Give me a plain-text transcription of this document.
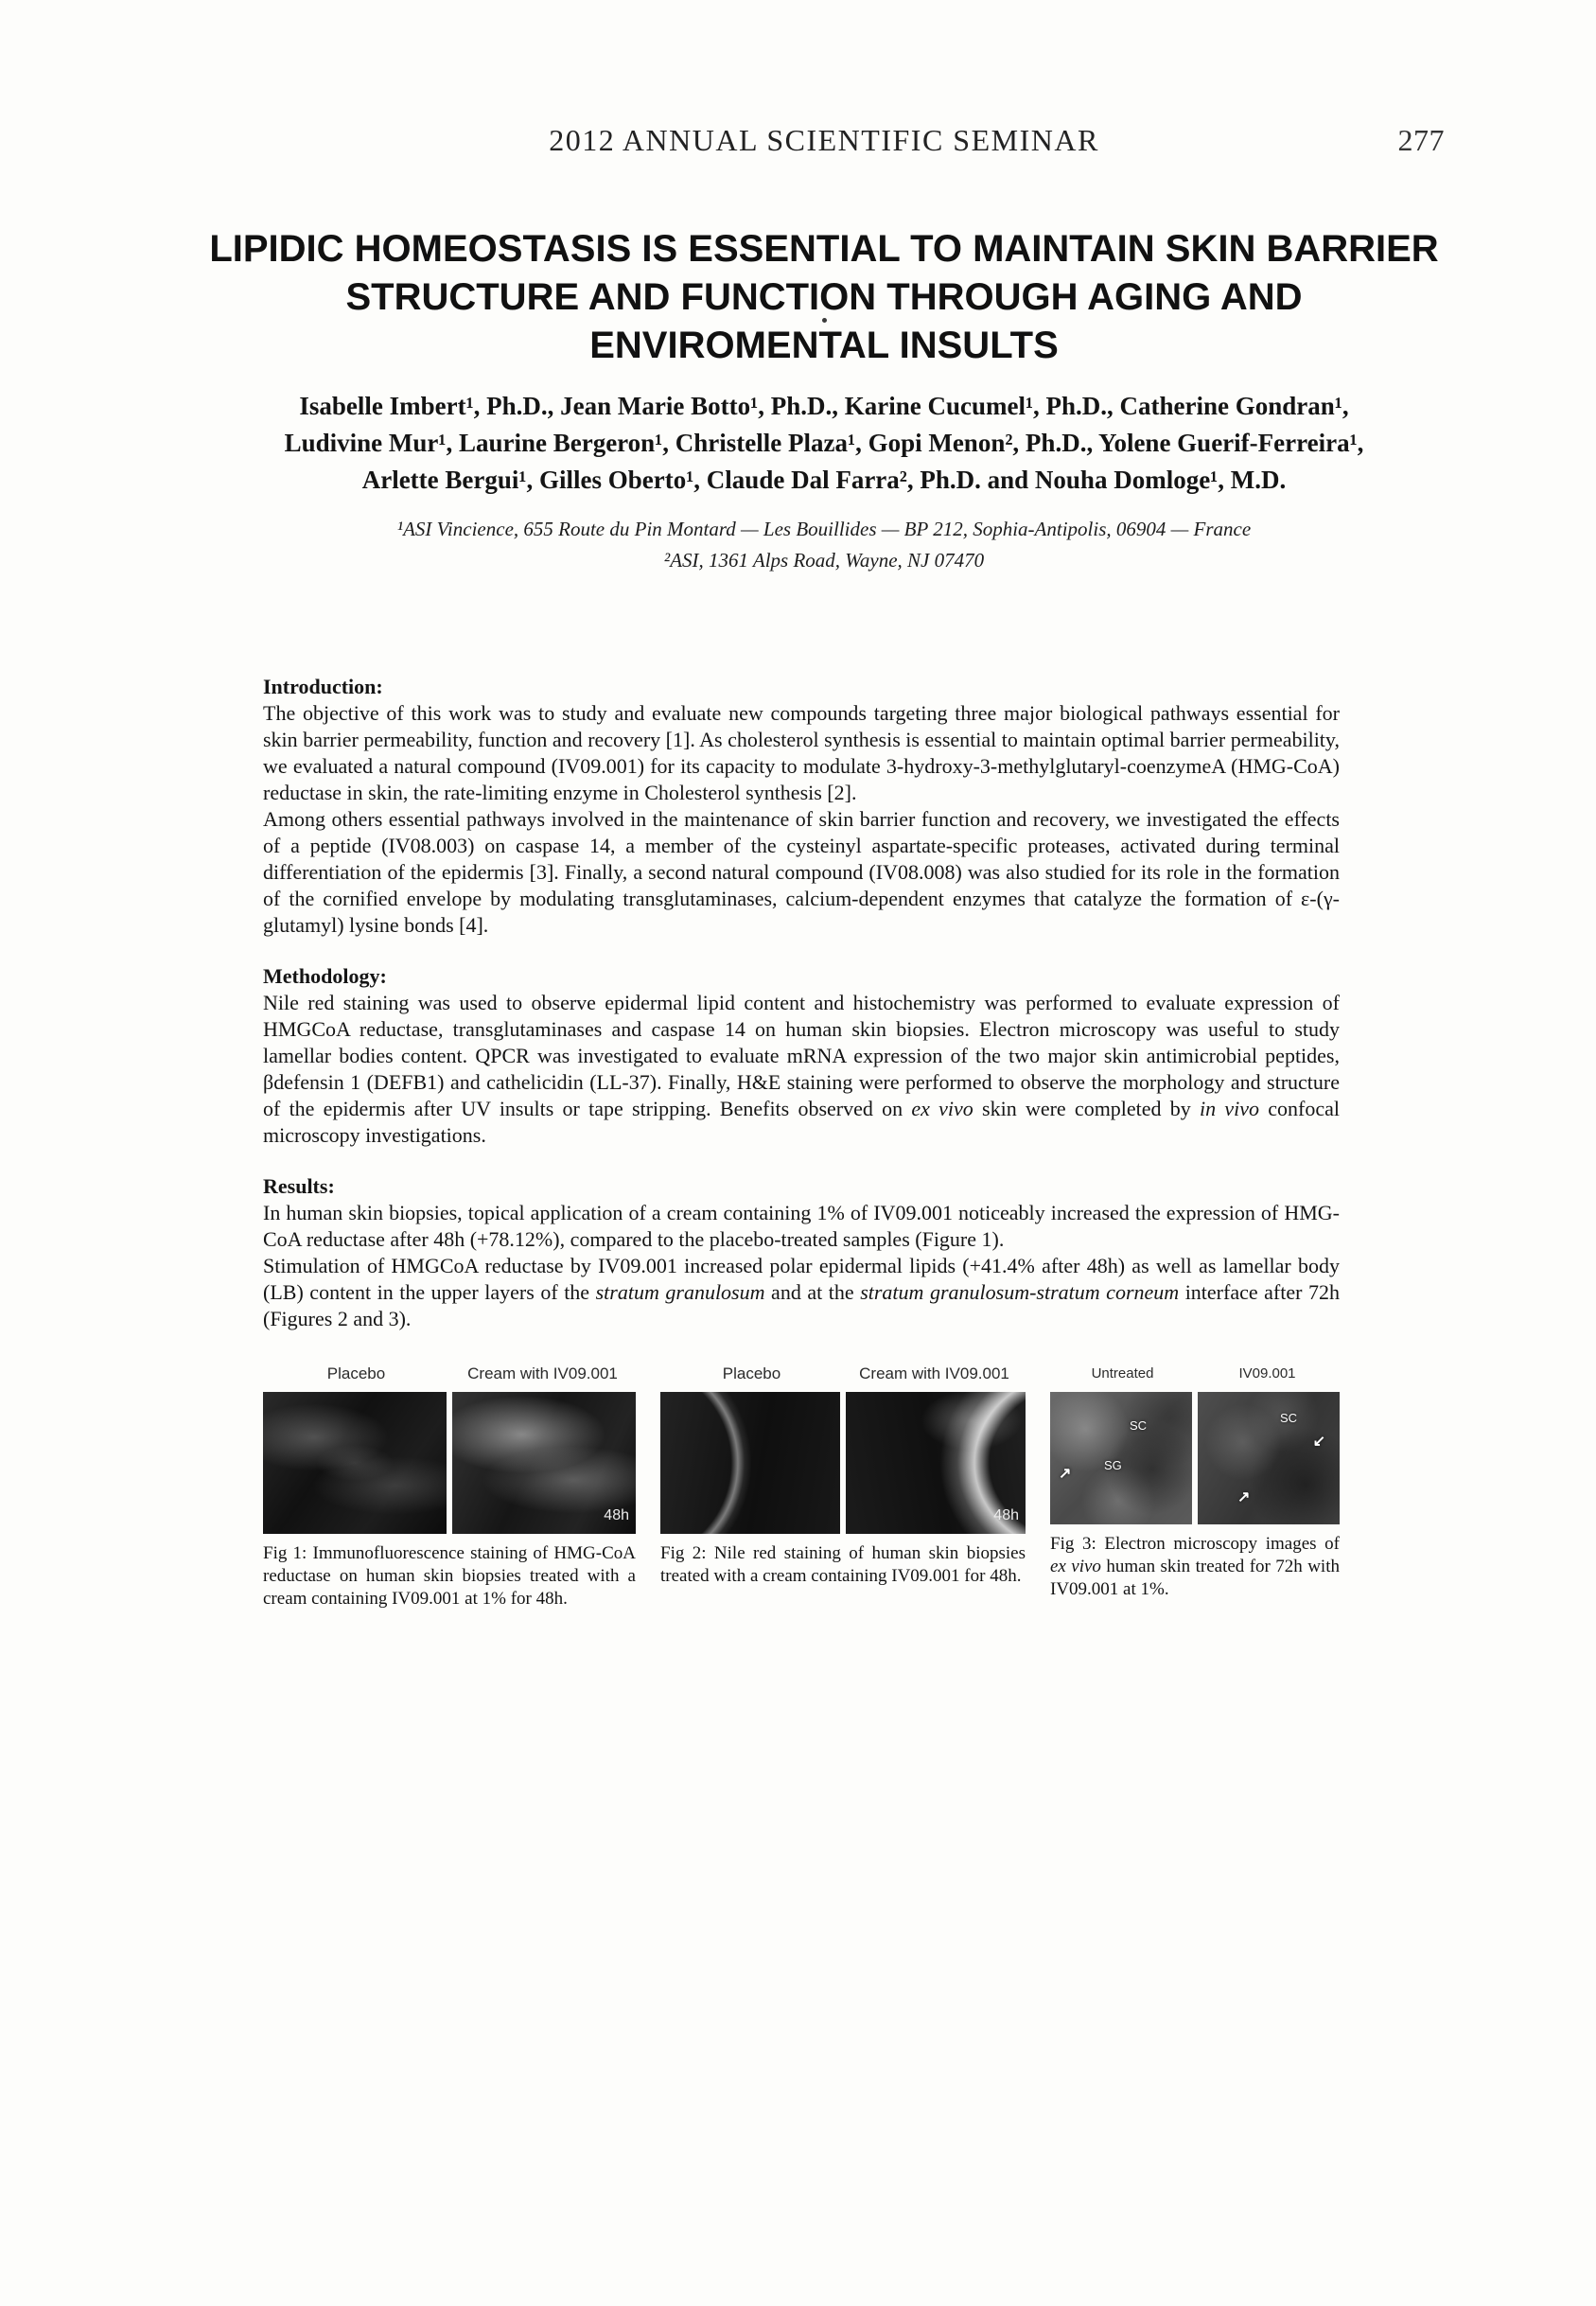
2012 ANNUAL SCIENTIFIC SEMINAR	277
LIPIDIC HOMEOSTASIS IS ESSENTIAL TO MAINTAIN SKIN BARRIER
STRUCTURE AND FUNCTION THROUGH AGING AND
ENVIROMENTAL INSULTS
Isabelle Imbert¹, Ph.D., Jean Marie Botto¹, Ph.D., Karine Cucumel¹, Ph.D., Catherine Gondran¹,
Ludivine Mur¹, Laurine Bergeron¹, Christelle Plaza¹, Gopi Menon², Ph.D., Yolene Guerif-Ferreira¹,
Arlette Bergui¹, Gilles Oberto¹, Claude Dal Farra², Ph.D. and Nouha Domloge¹, M.D.
¹ASI Vincience, 655 Route du Pin Montard — Les Bouillides — BP 212, Sophia-Antipolis, 06904 — France
²ASI, 1361 Alps Road, Wayne, NJ 07470
Introduction:

The objective of this work was to study and evaluate new compounds targeting three major biological pathways essential for skin barrier permeability, function and recovery [1]. As cholesterol synthesis is essential to maintain optimal barrier permeability, we evaluated a natural compound (IV09.001) for its capacity to modulate 3-hydroxy-3-methylglutaryl-coenzymeA (HMG-CoA) reductase in skin, the rate-limiting enzyme in Cholesterol synthesis [2].

Among others essential pathways involved in the maintenance of skin barrier function and recovery, we investigated the effects of a peptide (IV08.003) on caspase 14, a member of the cysteinyl aspartate-specific proteases, activated during terminal differentiation of the epidermis [3]. Finally, a second natural compound (IV08.008) was also studied for its role in the formation of the cornified envelope by modulating transglutaminases, calcium-dependent enzymes that catalyze the formation of ε-(γ-glutamyl) lysine bonds [4].

Methodology:

Nile red staining was used to observe epidermal lipid content and histochemistry was performed to evaluate expression of HMGCoA reductase, transglutaminases and caspase 14 on human skin biopsies. Electron microscopy was useful to study lamellar bodies content. QPCR was investigated to evaluate mRNA expression of the two major skin antimicrobial peptides, βdefensin 1 (DEFB1) and cathelicidin (LL-37). Finally, H&E staining were performed to observe the morphology and structure of the epidermis after UV insults or tape stripping. Benefits observed on ex vivo skin were completed by in vivo confocal microscopy investigations.

Results:

In human skin biopsies, topical application of a cream containing 1% of IV09.001 noticeably increased the expression of HMG-CoA reductase after 48h (+78.12%), compared to the placebo-treated samples (Figure 1).

Stimulation of HMGCoA reductase by IV09.001 increased polar epidermal lipids (+41.4% after 48h) as well as lamellar body (LB) content in the upper layers of the stratum granulosum and at the stratum granulosum-stratum corneum interface after 72h (Figures 2 and 3).

Placebo	Cream with IV09.001
48h
Fig 1: Immunofluorescence staining of HMG-CoA reductase on human skin biopsies treated with a cream containing IV09.001 at 1% for 48h.
Placebo	Cream with IV09.001
48h
Fig 2: Nile red staining of human skin biopsies treated with a cream containing IV09.001 for 48h.
Untreated	IV09.001
SC
SG
↗
SC
↙
↗
Fig 3: Electron microscopy images of ex vivo human skin treated for 72h with IV09.001 at 1%.
